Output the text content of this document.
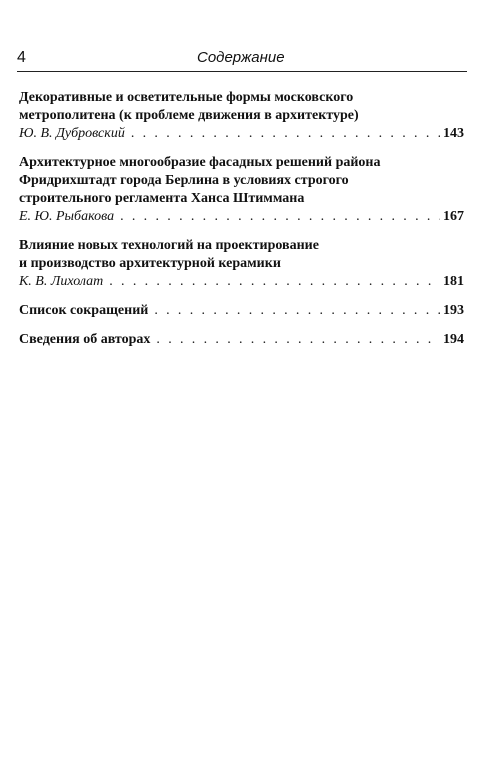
4	Содержание
Декоративные и осветительные формы московского
метрополитена (к проблеме движения в архитектуре)
Ю. В. Дубровский . . .	143
Архитектурное многообразие фасадных решений района
Фридрихштадт города Берлина в условиях строгого
строительного регламента Ханса Штиммана
Е. Ю. Рыбакова . . .	167
Влияние новых технологий на проектирование
и производство архитектурной керамики
К. В. Лихолат . . .	181
Список сокращений . . .	193
Сведения об авторах . . .	194
